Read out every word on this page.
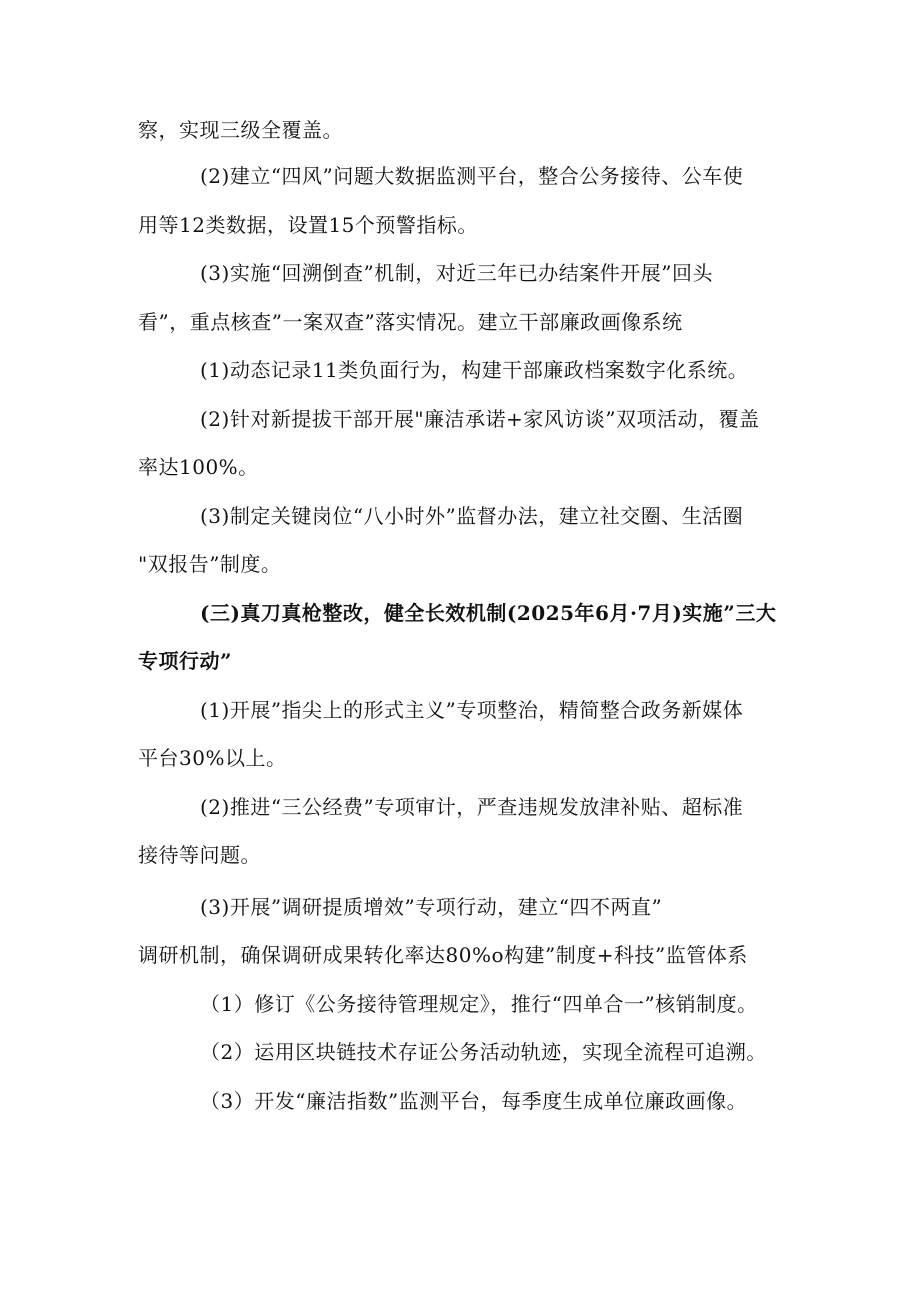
察，实现三级全覆盖。
(2)建立“四风”问题大数据监测平台，整合公务接待、公车使
用等12类数据，设置15个预警指标。
(3)实施“回溯倒查”机制，对近三年已办结案件开展”回头
看”，重点核查”一案双查”落实情况。建立干部廉政画像系统
(1)动态记录11类负面行为，构建干部廉政档案数字化系统。
(2)针对新提拔干部开展"廉洁承诺+家风访谈”双项活动，覆盖
率达100%。
(3)制定关键岗位“八小时外”监督办法，建立社交圈、生活圈
"双报告”制度。
(三)真刀真枪整改，健全长效机制(2025年6月·7月)实施”三大
专项行动”
(1)开展”指尖上的形式主义”专项整治，精简整合政务新媒体
平台30%以上。
(2)推进“三公经费”专项审计，严查违规发放津补贴、超标准
接待等问题。
(3)开展”调研提质增效”专项行动，建立“四不两直”
调研机制，确保调研成果转化率达80%o构建”制度+科技”监管体系
（1）修订《公务接待管理规定》，推行“四单合一”核销制度。
（2）运用区块链技术存证公务活动轨迹，实现全流程可追溯。
（3）开发“廉洁指数”监测平台，每季度生成单位廉政画像。
